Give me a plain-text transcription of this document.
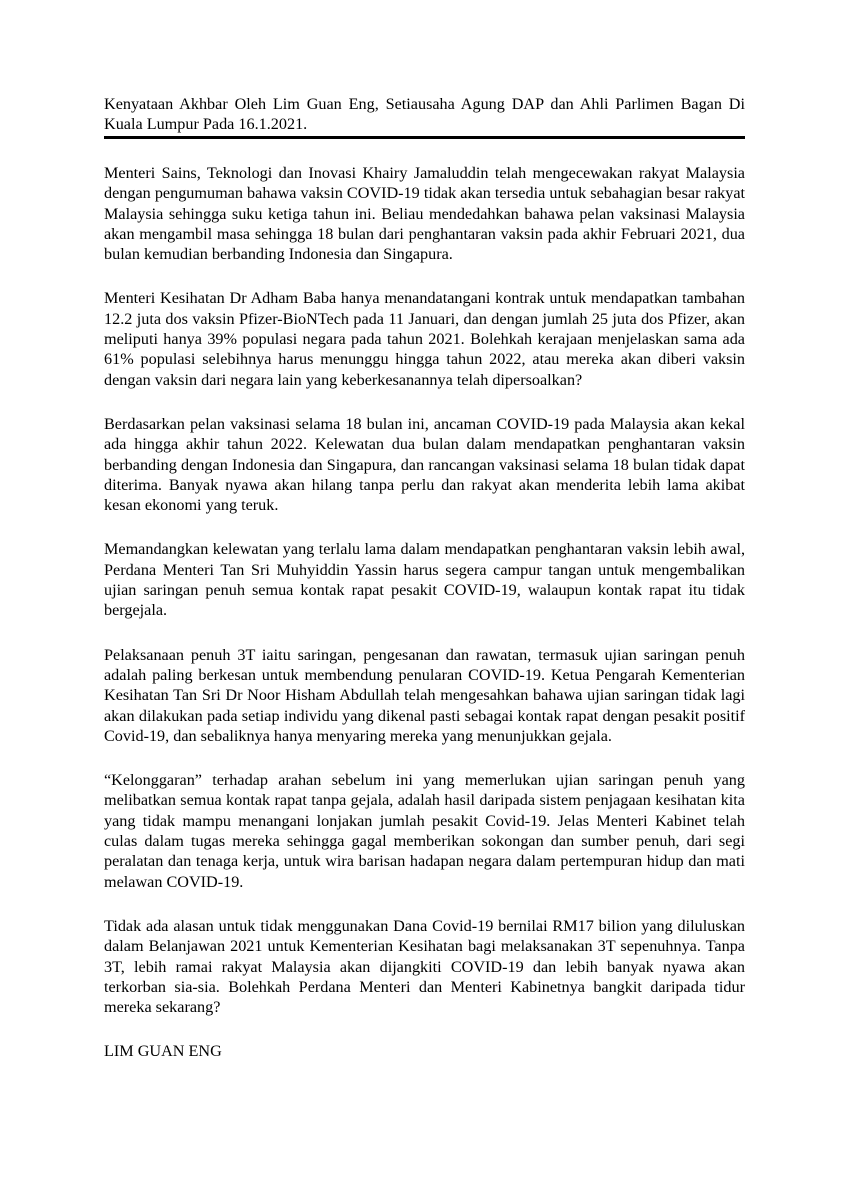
Kenyataan Akhbar Oleh Lim Guan Eng, Setiausaha Agung DAP dan Ahli Parlimen Bagan Di Kuala Lumpur Pada 16.1.2021.

Menteri Sains, Teknologi dan Inovasi Khairy Jamaluddin telah mengecewakan rakyat Malaysia dengan pengumuman bahawa vaksin COVID-19 tidak akan tersedia untuk sebahagian besar rakyat Malaysia sehingga suku ketiga tahun ini. Beliau mendedahkan bahawa pelan vaksinasi Malaysia akan mengambil masa sehingga 18 bulan dari penghantaran vaksin pada akhir Februari 2021, dua bulan kemudian berbanding Indonesia dan Singapura.

Menteri Kesihatan Dr Adham Baba hanya menandatangani kontrak untuk mendapatkan tambahan 12.2 juta dos vaksin Pfizer-BioNTech pada 11 Januari, dan dengan jumlah 25 juta dos Pfizer, akan meliputi hanya 39% populasi negara pada tahun 2021. Bolehkah kerajaan menjelaskan sama ada 61% populasi selebihnya harus menunggu hingga tahun 2022, atau mereka akan diberi vaksin dengan vaksin dari negara lain yang keberkesanannya telah dipersoalkan?

Berdasarkan pelan vaksinasi selama 18 bulan ini, ancaman COVID-19 pada Malaysia akan kekal ada hingga akhir tahun 2022. Kelewatan dua bulan dalam mendapatkan penghantaran vaksin berbanding dengan Indonesia dan Singapura, dan rancangan vaksinasi selama 18 bulan tidak dapat diterima. Banyak nyawa akan hilang tanpa perlu dan rakyat akan menderita lebih lama akibat kesan ekonomi yang teruk.

Memandangkan kelewatan yang terlalu lama dalam mendapatkan penghantaran vaksin lebih awal, Perdana Menteri Tan Sri Muhyiddin Yassin harus segera campur tangan untuk mengembalikan ujian saringan penuh semua kontak rapat pesakit COVID-19, walaupun kontak rapat itu tidak bergejala.

Pelaksanaan penuh 3T iaitu saringan, pengesanan dan rawatan, termasuk ujian saringan penuh adalah paling berkesan untuk membendung penularan COVID-19. Ketua Pengarah Kementerian Kesihatan Tan Sri Dr Noor Hisham Abdullah telah mengesahkan bahawa ujian saringan tidak lagi akan dilakukan pada setiap individu yang dikenal pasti sebagai kontak rapat dengan pesakit positif Covid-19, dan sebaliknya hanya menyaring mereka yang menunjukkan gejala.

“Kelonggaran” terhadap arahan sebelum ini yang memerlukan ujian saringan penuh yang melibatkan semua kontak rapat tanpa gejala, adalah hasil daripada sistem penjagaan kesihatan kita yang tidak mampu menangani lonjakan jumlah pesakit Covid-19. Jelas Menteri Kabinet telah culas dalam tugas mereka sehingga gagal memberikan sokongan dan sumber penuh, dari segi peralatan dan tenaga kerja, untuk wira barisan hadapan negara dalam pertempuran hidup dan mati melawan COVID-19.

Tidak ada alasan untuk tidak menggunakan Dana Covid-19 bernilai RM17 bilion yang diluluskan dalam Belanjawan 2021 untuk Kementerian Kesihatan bagi melaksanakan 3T sepenuhnya. Tanpa 3T, lebih ramai rakyat Malaysia akan dijangkiti COVID-19 dan lebih banyak nyawa akan terkorban sia-sia. Bolehkah Perdana Menteri dan Menteri Kabinetnya bangkit daripada tidur mereka sekarang?

LIM GUAN ENG
